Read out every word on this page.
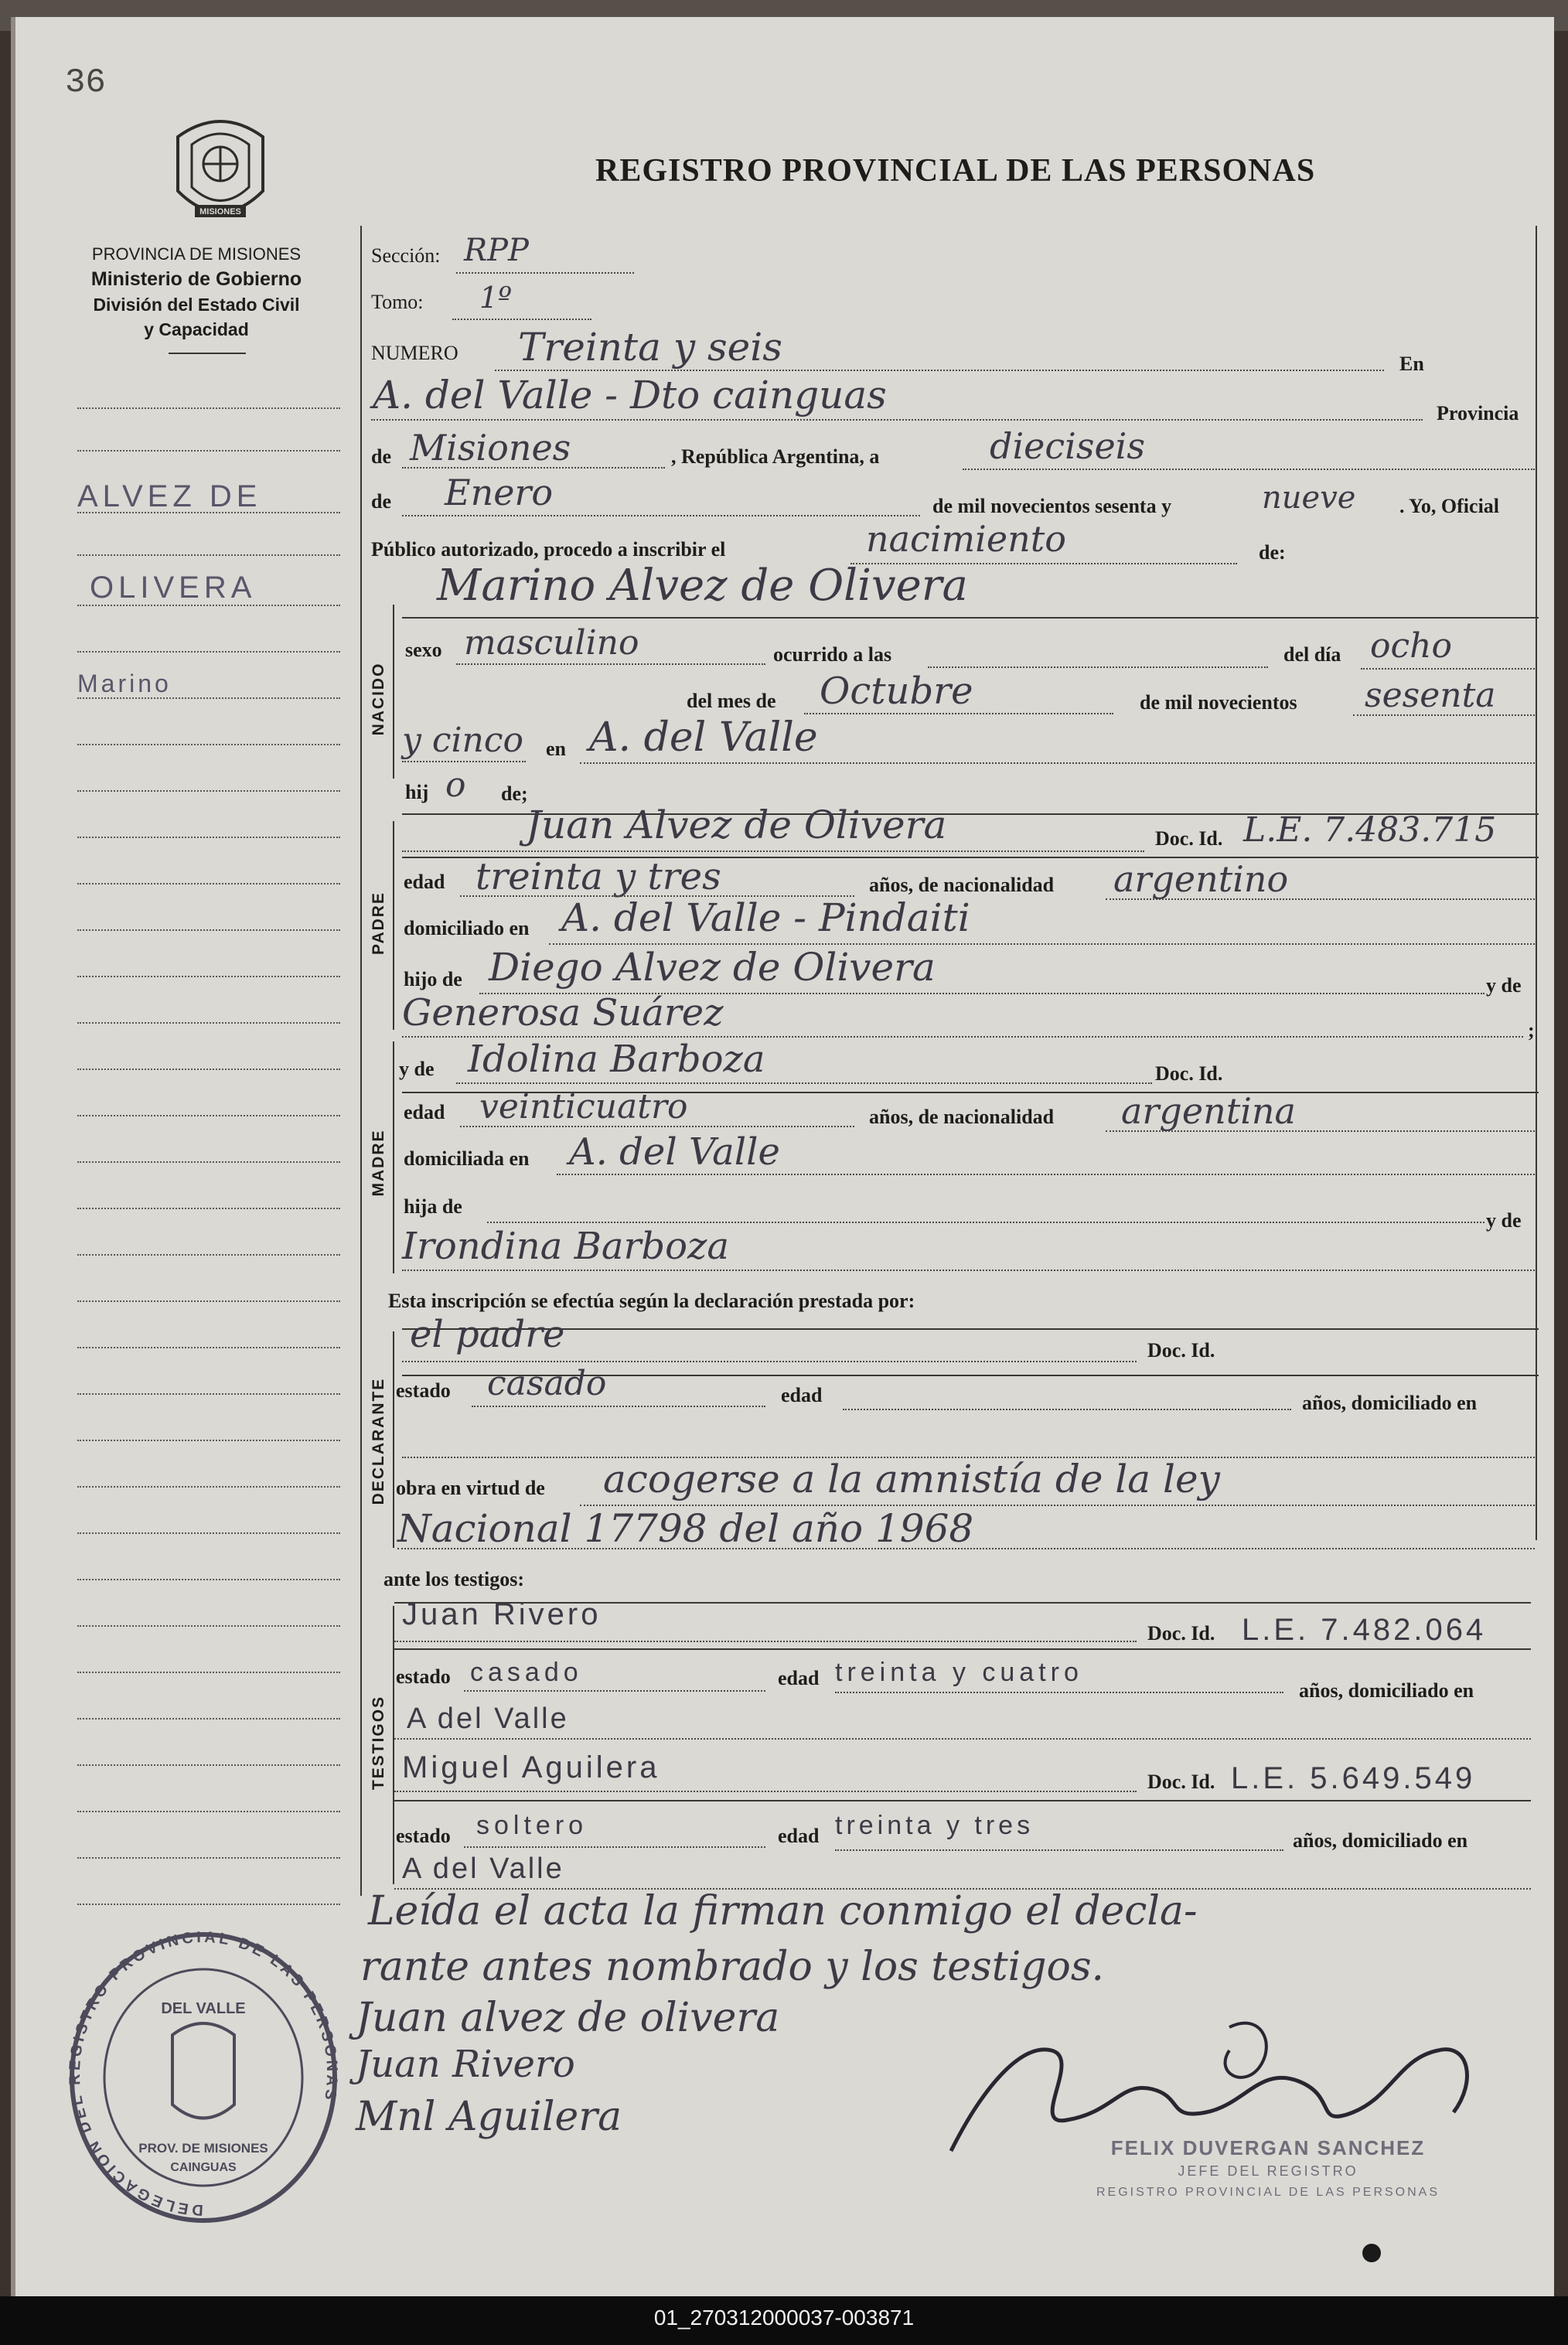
36
MISIONES
PROVINCIA DE MISIONES
Ministerio de Gobierno
División del Estado Civil
y Capacidad
REGISTRO PROVINCIAL DE LAS PERSONAS
ALVEZ DE
OLIVERA
Marino
Sección: RPP
Tomo: 1º
NUMERO Treinta y seis	En
A. del Valle - Dto cainguas	Provincia
de Misiones	, República Argentina, a	dieciseis
de Enero	de mil novecientos sesenta y	nueve . Yo, Oficial
Público autorizado, procedo a inscribir el	nacimiento	de:
Marino Alvez de Olivera
NACIDO
sexo masculino	ocurrido a las	del día ocho
del mes de Octubre	de mil novecientos sesenta
y cinco en A. del Valle
hij o de;
PADRE
Juan Alvez de Olivera	Doc. Id. L.E. 7.483.715
edad treinta y tres	años, de nacionalidad argentino
domiciliado en A. del Valle - Pindaiti
hijo de Diego Alvez de Olivera	y de
Generosa Suárez	;
MADRE
y de Idolina Barboza	Doc. Id.
edad veinticuatro	años, de nacionalidad argentina
domiciliada en A. del Valle
hija de
y de
Irondina Barboza
Esta inscripción se efectúa según la declaración prestada por:
DECLARANTE
el padre	Doc. Id.
estado casado	edad	años, domiciliado en
obra en virtud de acogerse a la amnistía de la ley
Nacional 17798 del año 1968
ante los testigos:
TESTIGOS
Juan Rivero
Doc. Id. L.E. 7.482.064
estado casado	edad treinta y cuatro
años, domiciliado en
A del Valle
Miguel Aguilera	Doc. Id. L.E. 5.649.549
estado soltero	edad treinta y tres
años, domiciliado en
A del Valle
Leída el acta la firman conmigo el decla-
rante antes nombrado y los testigos.
Juan alvez de olivera
Juan Rivero
Mnl Aguilera
FELIX DUVERGAN SANCHEZ
JEFE DEL REGISTRO
REGISTRO PROVINCIAL DE LAS PERSONAS
DELEGACION DEL REGISTRO PROVINCIAL DE LAS PERSONAS
DEL VALLE
PROV. DE MISIONES
CAINGUAS
01_270312000037-003871
